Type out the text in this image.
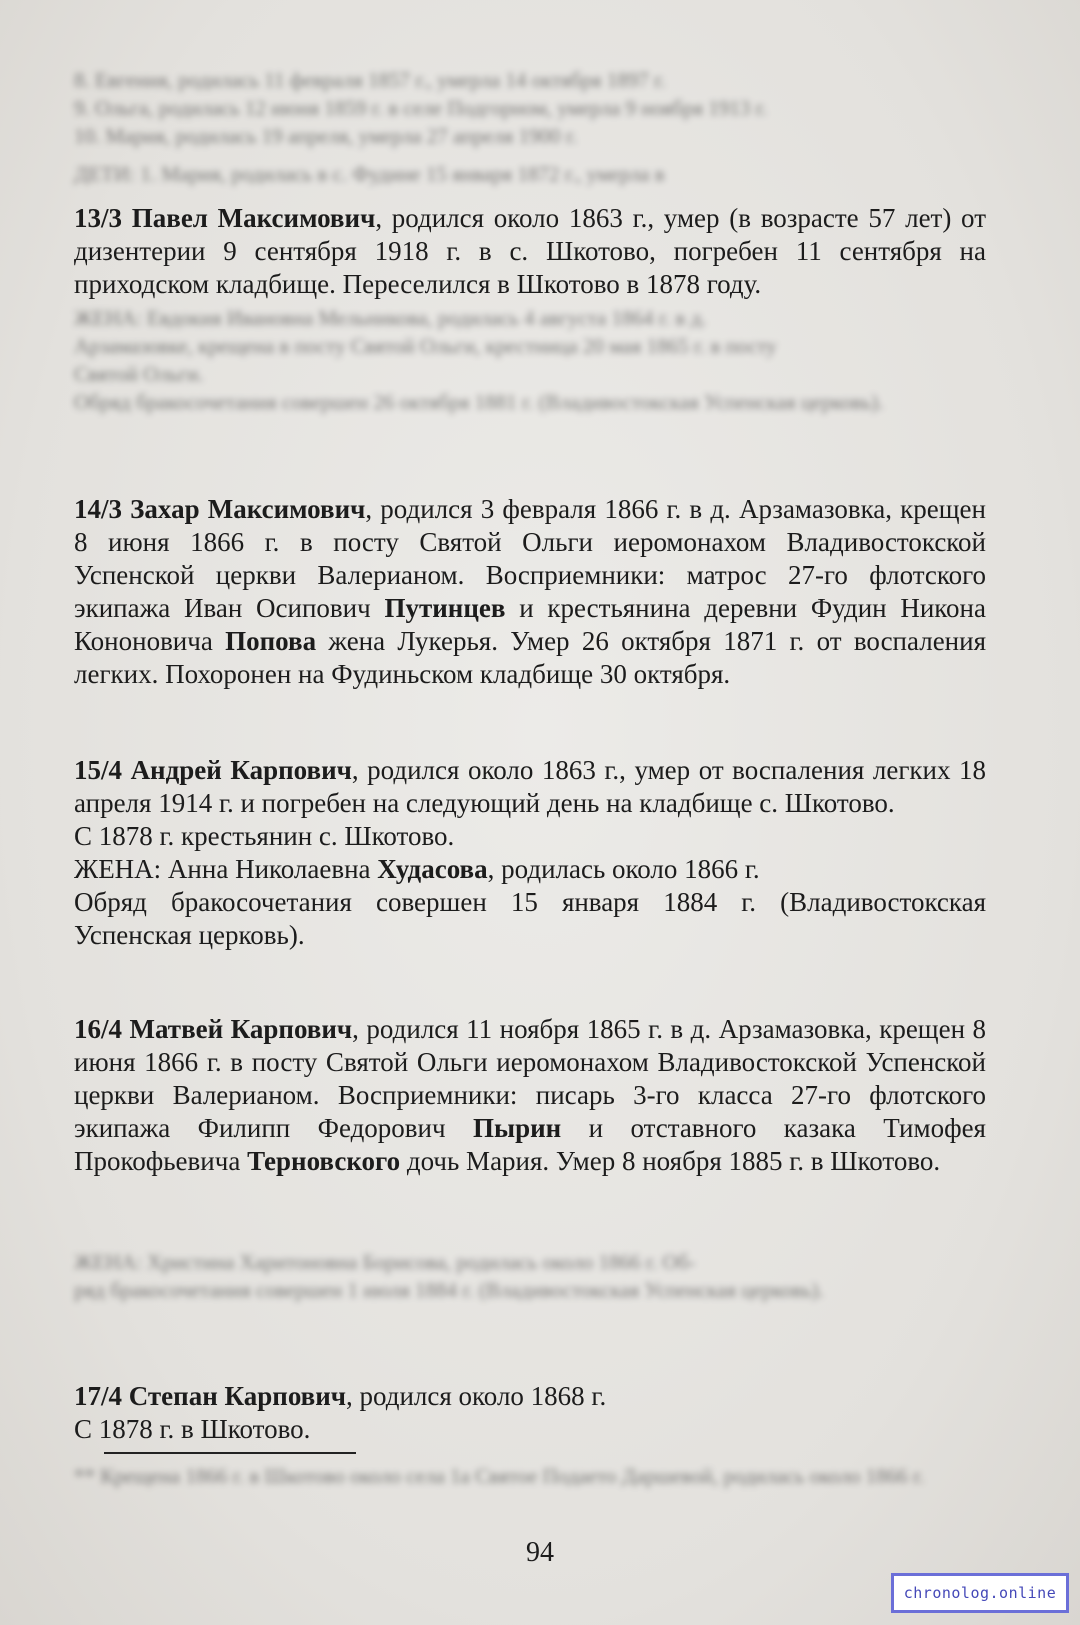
8. Евгения, родилась 11 февраля 1857 г., умерла 14 октября 1897 г.

9. Ольга, родилась 12 июня 1859 г. в селе Подгорном, умерла 9 ноября 1913 г.

10. Мария, родилась 19 апреля, умерла 27 апреля 1900 г.

ДЕТИ: 1. Мария, родилась в с. Фудине 15 января 1872 г., умерла в

13/3 Павел Максимович, родился около 1863 г., умер (в возрасте 57 лет) от дизентерии 9 сентября 1918 г. в с. Шкотово, погребен 11 сентября на приходском кладбище. Переселился в Шкотово в 1878 году.

ЖЕНА: Евдокия Ивановна Мельникова, родилась 4 августа 1864 г. в д.

Арзамазовке, крещена в посту Святой Ольги, крестница 20 мая 1865 г. в посту

Святой Ольги.

Обряд бракосочетания совершен 26 октября 1881 г. (Владивостокская Успенская церковь).

14/3 Захар Максимович, родился 3 февраля 1866 г. в д. Арзамазовка, крещен 8 июня 1866 г. в посту Святой Ольги иеромонахом Владивостокской Успенской церкви Валерианом. Восприемники: матрос 27-го флотского экипажа Иван Осипович Путинцев и крестьянина деревни Фудин Никона Кононовича Попова жена Лукерья. Умер 26 октября 1871 г. от воспаления легких. Похоронен на Фудиньском кладбище 30 октября.

15/4 Андрей Карпович, родился около 1863 г., умер от воспаления легких 18 апреля 1914 г. и погребен на следующий день на кладбище с. Шкотово.

С 1878 г. крестьянин с. Шкотово.

ЖЕНА: Анна Николаевна Худасова, родилась около 1866 г.

Обряд бракосочетания совершен 15 января 1884 г. (Владивостокская Успенская церковь).

16/4 Матвей Карпович, родился 11 ноября 1865 г. в д. Арзамазовка, крещен 8 июня 1866 г. в посту Святой Ольги иеромонахом Владивостокской Успенской церкви Валерианом. Восприемники: писарь 3-го класса 27-го флотского экипажа Филипп Федорович Пырин и отставного казака Тимофея Прокофьевича Терновского дочь Мария. Умер 8 ноября 1885 г. в Шкотово.

ЖЕНА: Христина Харитоновна Борисова, родилась около 1866 г. Об-

ряд бракосочетания совершен 1 июля 1884 г. (Владивостокская Успенская церковь).

17/4 Степан Карпович, родился около 1868 г.

С 1878 г. в Шкотово.

** Крещена 1866 г. в Шкотово около села 1а Святое Подаето Даршевой, родилась около 1866 г.

94
chronolog.online
